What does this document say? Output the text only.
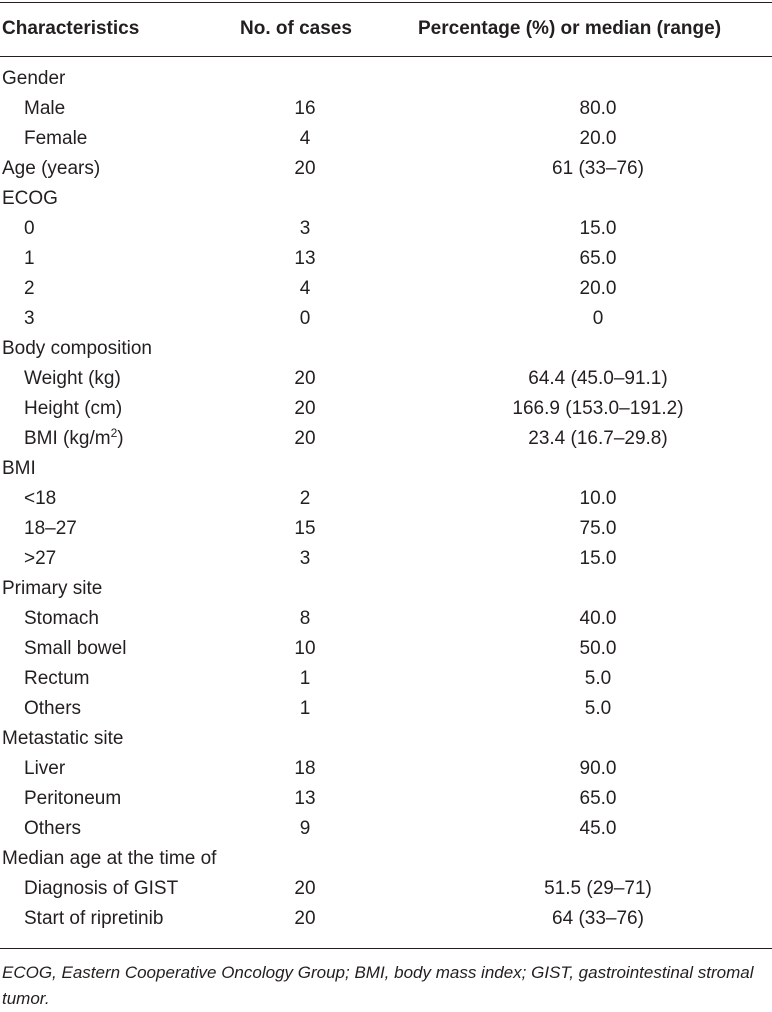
Characteristics	No. of cases	Percentage (%) or median (range)
Gender
Male	16	80.0
Female	4	20.0
Age (years)	20	61 (33–76)
ECOG
0	3	15.0
1	13	65.0
2	4	20.0
3	0	0
Body composition
Weight (kg)	20	64.4 (45.0–91.1)
Height (cm)	20	166.9 (153.0–191.2)
BMI $(kg/m^2)$	20	23.4 (16.7–29.8)
BMI
<18	2	10.0
18–27	15	75.0
>27	3	15.0
Primary site
Stomach	8	40.0
Small bowel	10	50.0
Rectum	1	5.0
Others	1	5.0
Metastatic site
Liver	18	90.0
Peritoneum	13	65.0
Others	9	45.0
Median age at the time of
Diagnosis of GIST	20	51.5 (29–71)
Start of ripretinib	20	64 (33–76)
ECOG, Eastern Cooperative Oncology Group; BMI, body mass index; GIST, gastrointestinal stromal tumor.
